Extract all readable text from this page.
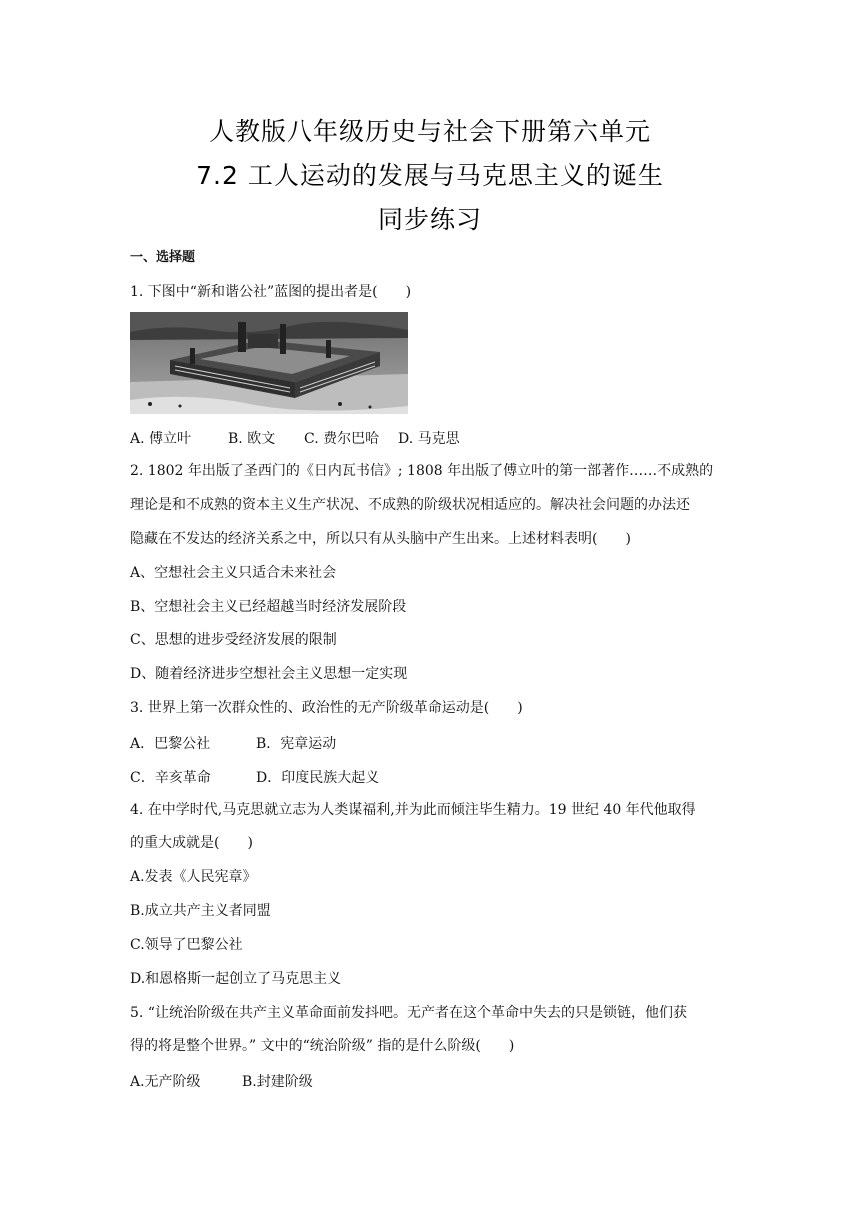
人教版八年级历史与社会下册第六单元
7.2 工人运动的发展与马克思主义的诞生
同步练习
一、选择题
1. 下图中“新和谐公社”蓝图的提出者是(　　)
A. 傅立叶	B. 欧文 C. 费尔巴哈 D. 马克思
2. 1802 年出版了圣西门的《日内瓦书信》; 1808 年出版了傅立叶的第一部著作……不成熟的
理论是和不成熟的资本主义生产状况、不成熟的阶级状况相适应的。解决社会问题的办法还
隐藏在不发达的经济关系之中，所以只有从头脑中产生出来。上述材料表明(　　)
A、空想社会主义只适合未来社会
B、空想社会主义已经超越当时经济发展阶段
C、思想的进步受经济发展的限制
D、随着经济进步空想社会主义思想一定实现
3. 世界上第一次群众性的、政治性的无产阶级革命运动是(　　)
A．巴黎公社	B．宪章运动
C．辛亥革命	D．印度民族大起义
4. 在中学时代,马克思就立志为人类谋福利,并为此而倾注毕生精力。19 世纪 40 年代他取得
的重大成就是(　　)
A.发表《人民宪章》
B.成立共产主义者同盟
C.领导了巴黎公社
D.和恩格斯一起创立了马克思主义
5. “让统治阶级在共产主义革命面前发抖吧。无产者在这个革命中失去的只是锁链，他们获
得的将是整个世界。” 文中的“统治阶级” 指的是什么阶级(　　)
A.无产阶级	B.封建阶级
